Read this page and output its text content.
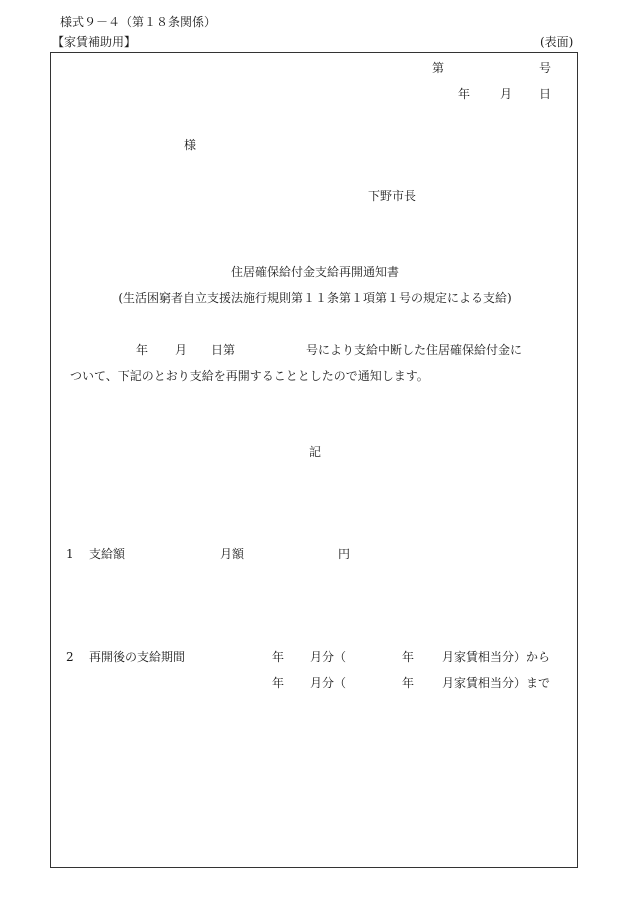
様式９－４（第１８条関係）
【家賃補助用】	(表面)
第	号
年 月 日
様
下野市長
住居確保給付金支給再開通知書
(生活困窮者自立支援法施行規則第１１条第１項第１号の規定による支給)
年 月 日第	号により支給中断した住居確保給付金に
ついて、下記のとおり支給を再開することとしたので通知します。
記
1 支給額	月額	円
2 再開後の支給期間	年 月分（	年 月家賃相当分）から
年 月分（	年 月家賃相当分）まで
